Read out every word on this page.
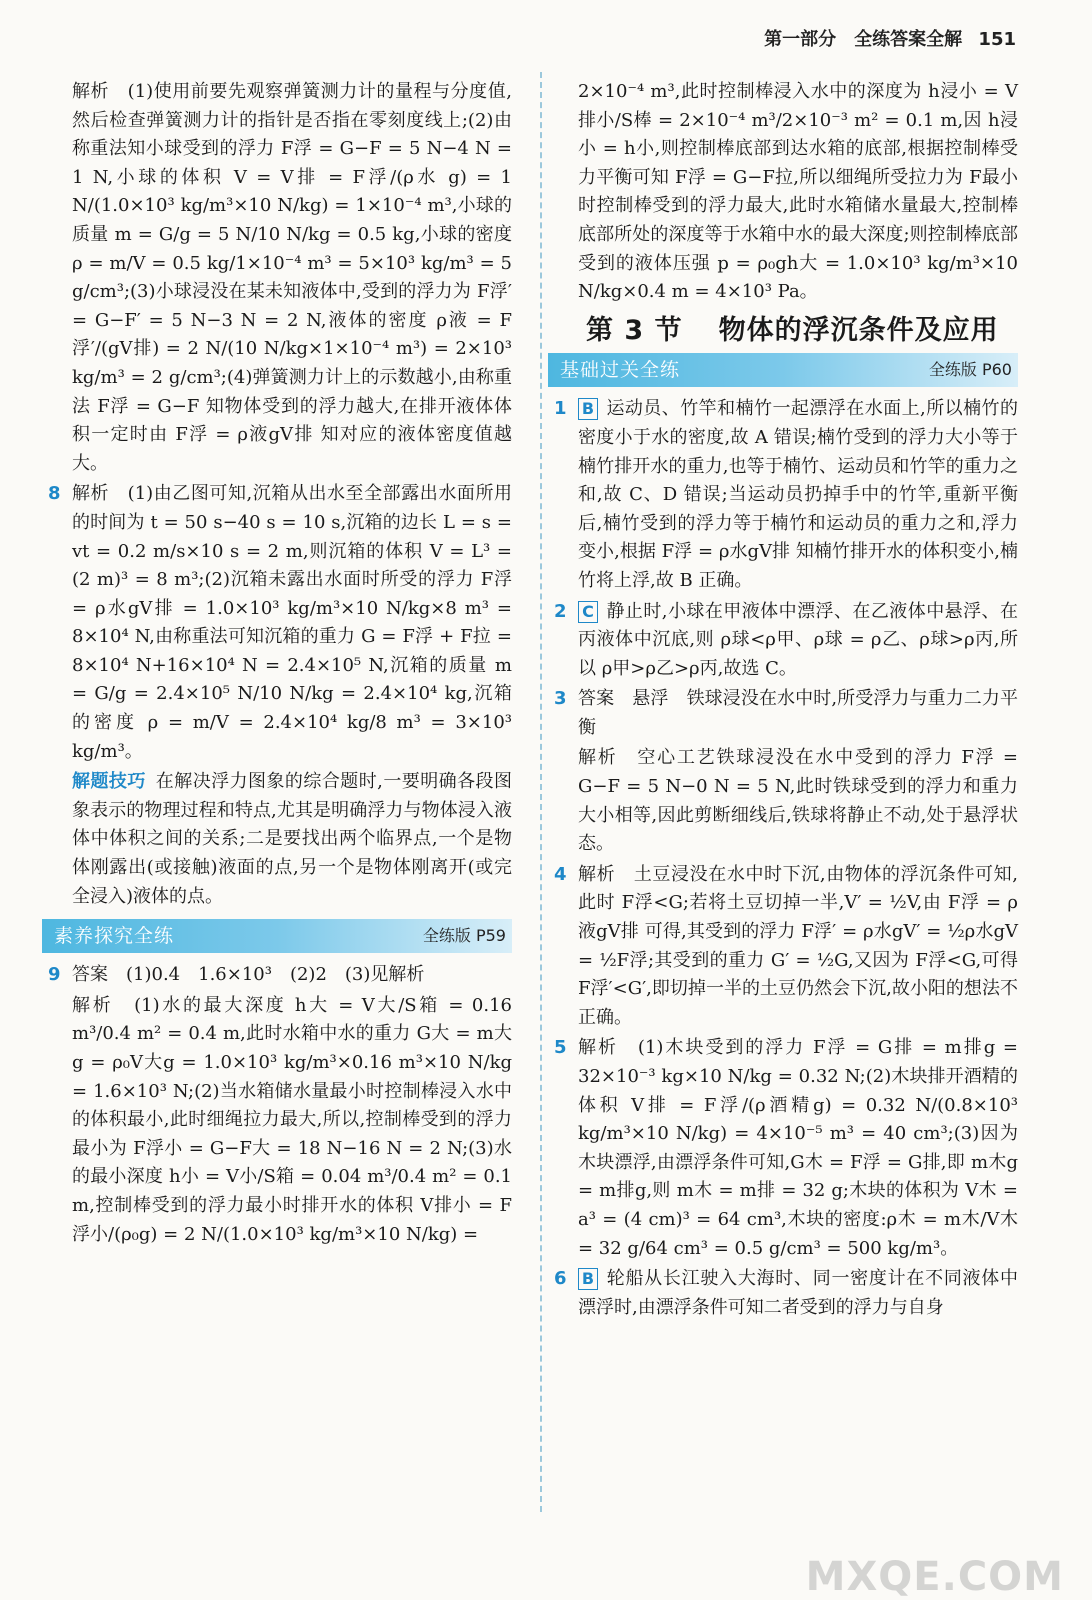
第一部分　全练答案全解 151

解析　(1)使用前要先观察弹簧测力计的量程与分度值,然后检查弹簧测力计的指针是否指在零刻度线上;(2)由称重法知小球受到的浮力 F浮 = G−F = 5 N−4 N = 1 N,小球的体积 V = V排 = F浮/(ρ水 g) = 1 N/(1.0×10³ kg/m³×10 N/kg) = 1×10⁻⁴ m³,小球的质量 m = G/g = 5 N/10 N/kg = 0.5 kg,小球的密度 ρ = m/V = 0.5 kg/1×10⁻⁴ m³ = 5×10³ kg/m³ = 5 g/cm³;(3)小球浸没在某未知液体中,受到的浮力为 F浮′ = G−F′ = 5 N−3 N = 2 N,液体的密度 ρ液 = F浮′/(gV排) = 2 N/(10 N/kg×1×10⁻⁴ m³) = 2×10³ kg/m³ = 2 g/cm³;(4)弹簧测力计上的示数越小,由称重法 F浮 = G−F 知物体受到的浮力越大,在排开液体体积一定时由 F浮 = ρ液gV排 知对应的液体密度值越大。

8 解析　(1)由乙图可知,沉箱从出水至全部露出水面所用的时间为 t = 50 s−40 s = 10 s,沉箱的边长 L = s = vt = 0.2 m/s×10 s = 2 m,则沉箱的体积 V = L³ = (2 m)³ = 8 m³;(2)沉箱未露出水面时所受的浮力 F浮 = ρ水gV排 = 1.0×10³ kg/m³×10 N/kg×8 m³ = 8×10⁴ N,由称重法可知沉箱的重力 G = F浮 + F拉 = 8×10⁴ N+16×10⁴ N = 2.4×10⁵ N,沉箱的质量 m = G/g = 2.4×10⁵ N/10 N/kg = 2.4×10⁴ kg,沉箱的密度 ρ = m/V = 2.4×10⁴ kg/8 m³ = 3×10³ kg/m³。

解题技巧 在解决浮力图象的综合题时,一要明确各段图象表示的物理过程和特点,尤其是明确浮力与物体浸入液体中体积之间的关系;二是要找出两个临界点,一个是物体刚露出(或接触)液面的点,另一个是物体刚离开(或完全浸入)液体的点。

素养探究全练	全练版 P59
9 答案　(1)0.4　1.6×10³　(2)2　(3)见解析

解析　(1)水的最大深度 h大 = V大/S箱 = 0.16 m³/0.4 m² = 0.4 m,此时水箱中水的重力 G大 = m大g = ρ₀V大g = 1.0×10³ kg/m³×0.16 m³×10 N/kg = 1.6×10³ N;(2)当水箱储水量最小时控制棒浸入水中的体积最小,此时细绳拉力最大,所以,控制棒受到的浮力最小为 F浮小 = G−F大 = 18 N−16 N = 2 N;(3)水的最小深度 h小 = V小/S箱 = 0.04 m³/0.4 m² = 0.1 m,控制棒受到的浮力最小时排开水的体积 V排小 = F浮小/(ρ₀g) = 2 N/(1.0×10³ kg/m³×10 N/kg) =

2×10⁻⁴ m³,此时控制棒浸入水中的深度为 h浸小 = V排小/S棒 = 2×10⁻⁴ m³/2×10⁻³ m² = 0.1 m,因 h浸小 = h小,则控制棒底部到达水箱的底部,根据控制棒受力平衡可知 F浮 = G−F拉,所以细绳所受拉力为 F最小 时控制棒受到的浮力最大,此时水箱储水量最大,控制棒底部所处的深度等于水箱中水的最大深度;则控制棒底部受到的液体压强 p = ρ₀gh大 = 1.0×10³ kg/m³×10 N/kg×0.4 m = 4×10³ Pa。

第 3 节 物体的浮沉条件及应用
基础过关全练	全练版 P60
1 B 运动员、竹竿和楠竹一起漂浮在水面上,所以楠竹的密度小于水的密度,故 A 错误;楠竹受到的浮力大小等于楠竹排开水的重力,也等于楠竹、运动员和竹竿的重力之和,故 C、D 错误;当运动员扔掉手中的竹竿,重新平衡后,楠竹受到的浮力等于楠竹和运动员的重力之和,浮力变小,根据 F浮 = ρ水gV排 知楠竹排开水的体积变小,楠竹将上浮,故 B 正确。

2 C 静止时,小球在甲液体中漂浮、在乙液体中悬浮、在丙液体中沉底,则 ρ球<ρ甲、ρ球 = ρ乙、ρ球>ρ丙,所以 ρ甲>ρ乙>ρ丙,故选 C。

3 答案　悬浮　铁球浸没在水中时,所受浮力与重力二力平衡

解析　空心工艺铁球浸没在水中受到的浮力 F浮 = G−F = 5 N−0 N = 5 N,此时铁球受到的浮力和重力大小相等,因此剪断细线后,铁球将静止不动,处于悬浮状态。

4 解析　土豆浸没在水中时下沉,由物体的浮沉条件可知,此时 F浮<G;若将土豆切掉一半,V′ = ½V,由 F浮 = ρ液gV排 可得,其受到的浮力 F浮′ = ρ水gV′ = ½ρ水gV = ½F浮;其受到的重力 G′ = ½G,又因为 F浮<G,可得 F浮′<G′,即切掉一半的土豆仍然会下沉,故小阳的想法不正确。

5 解析　(1)木块受到的浮力 F浮 = G排 = m排g = 32×10⁻³ kg×10 N/kg = 0.32 N;(2)木块排开酒精的体积 V排 = F浮/(ρ酒精g) = 0.32 N/(0.8×10³ kg/m³×10 N/kg) = 4×10⁻⁵ m³ = 40 cm³;(3)因为木块漂浮,由漂浮条件可知,G木 = F浮 = G排,即 m木g = m排g,则 m木 = m排 = 32 g;木块的体积为 V木 = a³ = (4 cm)³ = 64 cm³,木块的密度:ρ木 = m木/V木 = 32 g/64 cm³ = 0.5 g/cm³ = 500 kg/m³。

6 B 轮船从长江驶入大海时、同一密度计在不同液体中漂浮时,由漂浮条件可知二者受到的浮力与自身

MXQE.COM
